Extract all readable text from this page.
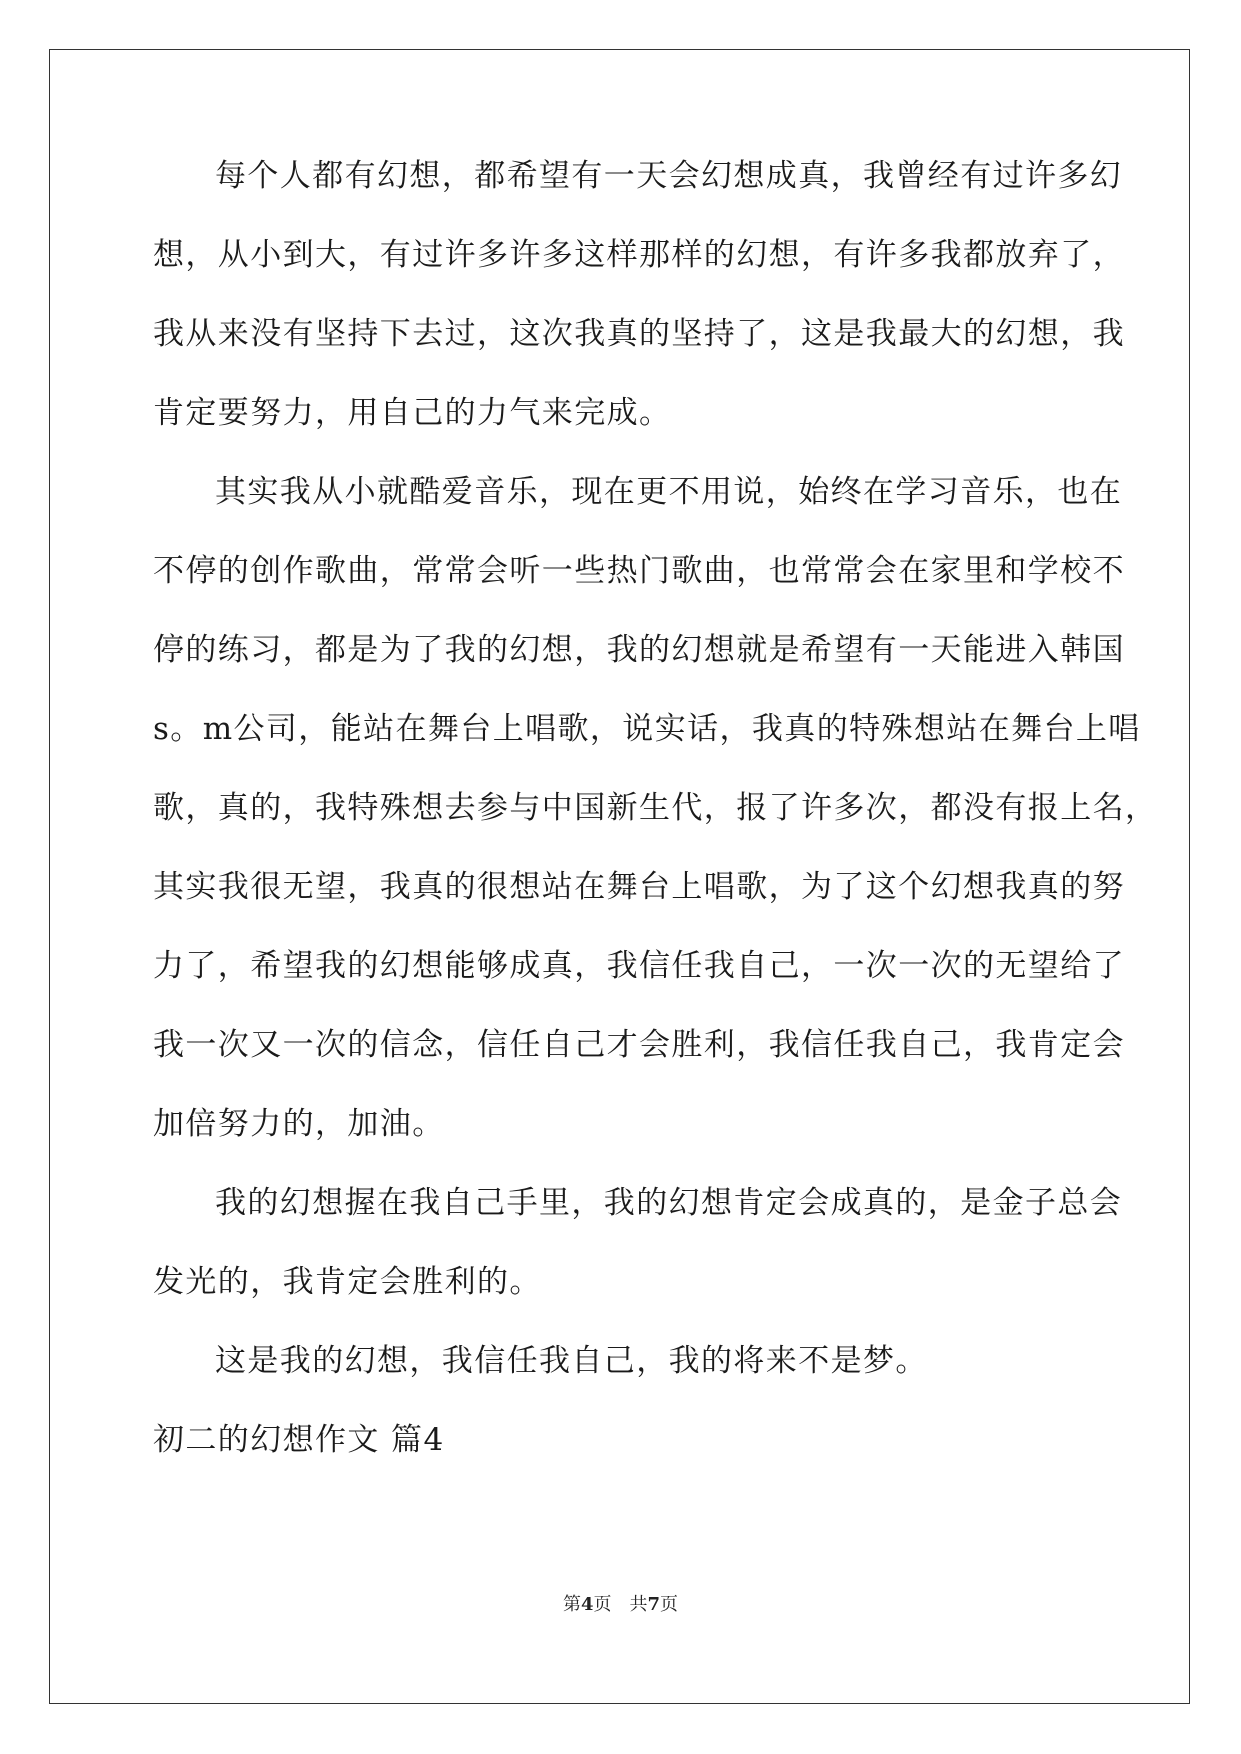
每个人都有幻想，都希望有一天会幻想成真，我曾经有过许多幻
想，从小到大，有过许多许多这样那样的幻想，有许多我都放弃了，
我从来没有坚持下去过，这次我真的坚持了，这是我最大的幻想，我
肯定要努力，用自己的力气来完成。
其实我从小就酷爱音乐，现在更不用说，始终在学习音乐，也在
不停的创作歌曲，常常会听一些热门歌曲，也常常会在家里和学校不
停的练习，都是为了我的幻想，我的幻想就是希望有一天能进入韩国
s。m公司，能站在舞台上唱歌，说实话，我真的特殊想站在舞台上唱
歌，真的，我特殊想去参与中国新生代，报了许多次，都没有报上名，
其实我很无望，我真的很想站在舞台上唱歌，为了这个幻想我真的努
力了，希望我的幻想能够成真，我信任我自己，一次一次的无望给了
我一次又一次的信念，信任自己才会胜利，我信任我自己，我肯定会
加倍努力的，加油。
我的幻想握在我自己手里，我的幻想肯定会成真的，是金子总会
发光的，我肯定会胜利的。
这是我的幻想，我信任我自己，我的将来不是梦。
初二的幻想作文 篇4
第4页 共7页
